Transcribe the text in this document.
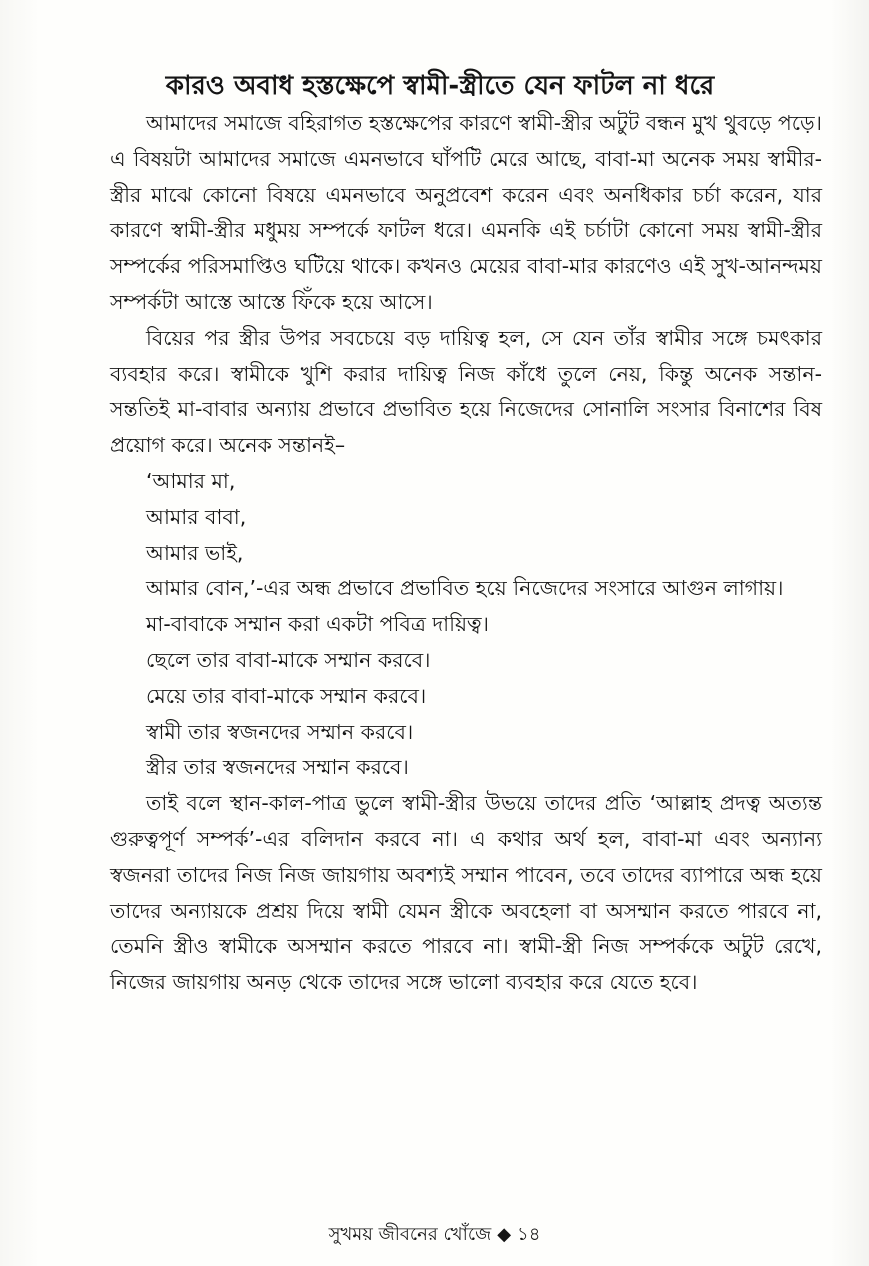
কারও অবাধ হস্তক্ষেপে স্বামী-স্ত্রীতে যেন ফাটল না ধরে

আমাদের সমাজে বহিরাগত হস্তক্ষেপের কারণে স্বামী-স্ত্রীর অটুট বন্ধন মুখ থুবড়ে পড়ে। এ বিষয়টা আমাদের সমাজে এমনভাবে ঘাঁপটি মেরে আছে, বাবা-মা অনেক সময় স্বামীর-স্ত্রীর মাঝে কোনো বিষয়ে এমনভাবে অনুপ্রবেশ করেন এবং অনধিকার চর্চা করেন, যার কারণে স্বামী-স্ত্রীর মধুময় সম্পর্কে ফাটল ধরে। এমনকি এই চর্চাটা কোনো সময় স্বামী-স্ত্রীর সম্পর্কের পরিসমাপ্তিও ঘটিয়ে থাকে। কখনও মেয়ের বাবা-মার কারণেও এই সুখ-আনন্দময় সম্পর্কটা আস্তে আস্তে ফিঁকে হয়ে আসে।

বিয়ের পর স্ত্রীর উপর সবচেয়ে বড় দায়িত্ব হল, সে যেন তাঁর স্বামীর সঙ্গে চমৎকার ব্যবহার করে। স্বামীকে খুশি করার দায়িত্ব নিজ কাঁধে তুলে নেয়, কিন্তু অনেক সন্তান-সন্ততিই মা-বাবার অন্যায় প্রভাবে প্রভাবিত হয়ে নিজেদের সোনালি সংসার বিনাশের বিষ প্রয়োগ করে। অনেক সন্তানই–

‘আমার মা,

আমার বাবা,

আমার ভাই,

আমার বোন,’-এর অন্ধ প্রভাবে প্রভাবিত হয়ে নিজেদের সংসারে আগুন লাগায়।

মা-বাবাকে সম্মান করা একটা পবিত্র দায়িত্ব।

ছেলে তার বাবা-মাকে সম্মান করবে।

মেয়ে তার বাবা-মাকে সম্মান করবে।

স্বামী তার স্বজনদের সম্মান করবে।

স্ত্রীর তার স্বজনদের সম্মান করবে।

তাই বলে স্থান-কাল-পাত্র ভুলে স্বামী-স্ত্রীর উভয়ে তাদের প্রতি ‘আল্লাহ প্রদত্ব অত্যন্ত গুরুত্বপূর্ণ সম্পর্ক’-এর বলিদান করবে না। এ কথার অর্থ হল, বাবা-মা এবং অন্যান্য স্বজনরা তাদের নিজ নিজ জায়গায় অবশ্যই সম্মান পাবেন, তবে তাদের ব্যাপারে অন্ধ হয়ে তাদের অন্যায়কে প্রশ্রয় দিয়ে স্বামী যেমন স্ত্রীকে অবহেলা বা অসম্মান করতে পারবে না, তেমনি স্ত্রীও স্বামীকে অসম্মান করতে পারবে না। স্বামী-স্ত্রী নিজ সম্পর্ককে অটুট রেখে, নিজের জায়গায় অনড় থেকে তাদের সঙ্গে ভালো ব্যবহার করে যেতে হবে।

সুখময় জীবনের খোঁজে ◆ ১৪
